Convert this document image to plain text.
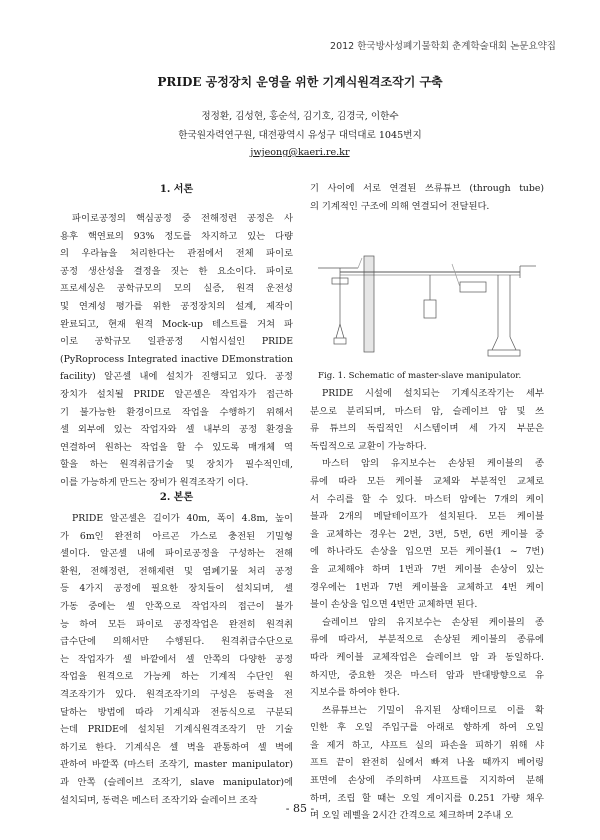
2012 한국방사성폐기물학회 춘계학술대회 논문요약집
PRIDE 공정장치 운영을 위한 기계식원격조작기 구축
정정환, 김성현, 홍순석, 김기호, 김경국, 이한수
한국원자력연구원, 대전광역시 유성구 대덕대로 1045번지
jwjeong@kaeri.re.kr
1. 서론
파이로공정의 핵심공정 중 전해정련 공정은 사
용후 핵연료의 93% 정도를 차지하고 있는 다량
의 우라늄을 처리한다는 관점에서 전체 파이로
공정 생산성을 결정을 짓는 한 요소이다. 파이로
프로세싱은 공학규모의 모의 실증, 원격 운전성
및 연계성 평가를 위한 공정장치의 설계, 제작이
완료되고, 현재 원격 Mock-up 테스트를 거쳐 파
이로 공학규모 일관공정 시험시설인 PRIDE
(PyRoprocess Integrated inactive DEmonstration
facility) 알곤셀 내에 설치가 진행되고 있다. 공정
장치가 설치될 PRIDE 알곤셀은 작업자가 접근하
기 불가능한 환경이므로 작업을 수행하기 위해서
셀 외부에 있는 작업자와 셀 내부의 공정 환경을
연결하여 원하는 작업을 할 수 있도록 매개체 역
할을 하는 원격취급기술 및 장치가 필수적인데,
이를 가능하게 만드는 장비가 원격조작기 이다.
2. 본론
PRIDE 알곤셀은 길이가 40m, 폭이 4.8m, 높이
가 6m인 완전히 아르곤 가스로 충전된 기밀형
셀이다. 알곤셀 내에 파이로공정을 구성하는 전해
환원, 전해정련, 전해제련 및 염폐기물 처리 공정
등 4가지 공정에 필요한 장치들이 설치되며, 셀
가동 중에는 셀 안쪽으로 작업자의 접근이 불가
능 하여 모든 파이로 공정작업은 완전히 원격취
급수단에 의해서만 수행된다. 원격취급수단으로
는 작업자가 셀 바깥에서 셀 안쪽의 다양한 공정
작업을 원격으로 가능케 하는 기계적 수단인 원
격조작기가 있다. 원격조작기의 구성은 동력을 전
달하는 방법에 따라 기계식과 전동식으로 구분되
는데 PRIDE에 설치된 기계식원격조작기 만 기술
하기로 한다. 기계식은 셀 벽을 관통하여 셀 벽에
관하여 바깥쪽 (마스터 조작기, master manipulator)
과 안쪽 (슬레이브 조작기, slave manipulator)에
설치되며, 동력은 메스터 조작기와 슬레이브 조작
기 사이에 서로 연결된 쓰류튜브 (through tube)
의 기계적인 구조에 의해 연결되어 전달된다.
PRIDE 시설에 설치되는 기계식조작기는 세부
분으로 분리되며, 마스터 암, 슬레이브 암 및 쓰
류 튜브의 독립적인 시스템이며 세 가지 부분은
독립적으로 교환이 가능하다.
마스터 암의 유지보수는 손상된 케이블의 종
류에 따라 모든 케이블 교체와 부분적인 교체로
서 수리를 할 수 있다. 마스터 암에는 7개의 케이
블과 2개의 메달테이프가 설치된다. 모든 케이블
을 교체하는 경우는 2번, 3번, 5번, 6번 케이블 중
에 하나라도 손상을 입으면 모든 케이블(1 ~ 7번)
을 교체해야 하며 1번과 7번 케이블 손상이 있는
경우에는 1번과 7번 케이블을 교체하고 4번 케이
블이 손상을 입으면 4번만 교체하면 된다.
슬레이브 암의 유지보수는 손상된 케이블의 종
류에 따라서, 부분적으로 손상된 케이블의 종류에
따라 케이블 교체작업은 슬레이브 암 과 동일하다.
하지만, 중요한 것은 마스터 암과 반대방향으로 유
지보수를 하여야 한다.
쓰류튜브는 기밀이 유지된 상태이므로 이를 확
인한 후 오일 주입구를 아래로 향하게 하여 오일
을 제거 하고, 샤프트 실의 파손을 피하기 위해 샤
프트 끝이 완전히 실에서 빠져 나올 때까지 베어링
표면에 손상에 주의하며 샤프트를 지지하여 분해
하며, 조립 할 때는 오일 게이지를 0.251 가량 채우
며 오일 레벨을 2시간 간격으로 체크하며 2주내 오
Fig. 1. Schematic of master-slave manipulator.
- 85 -
